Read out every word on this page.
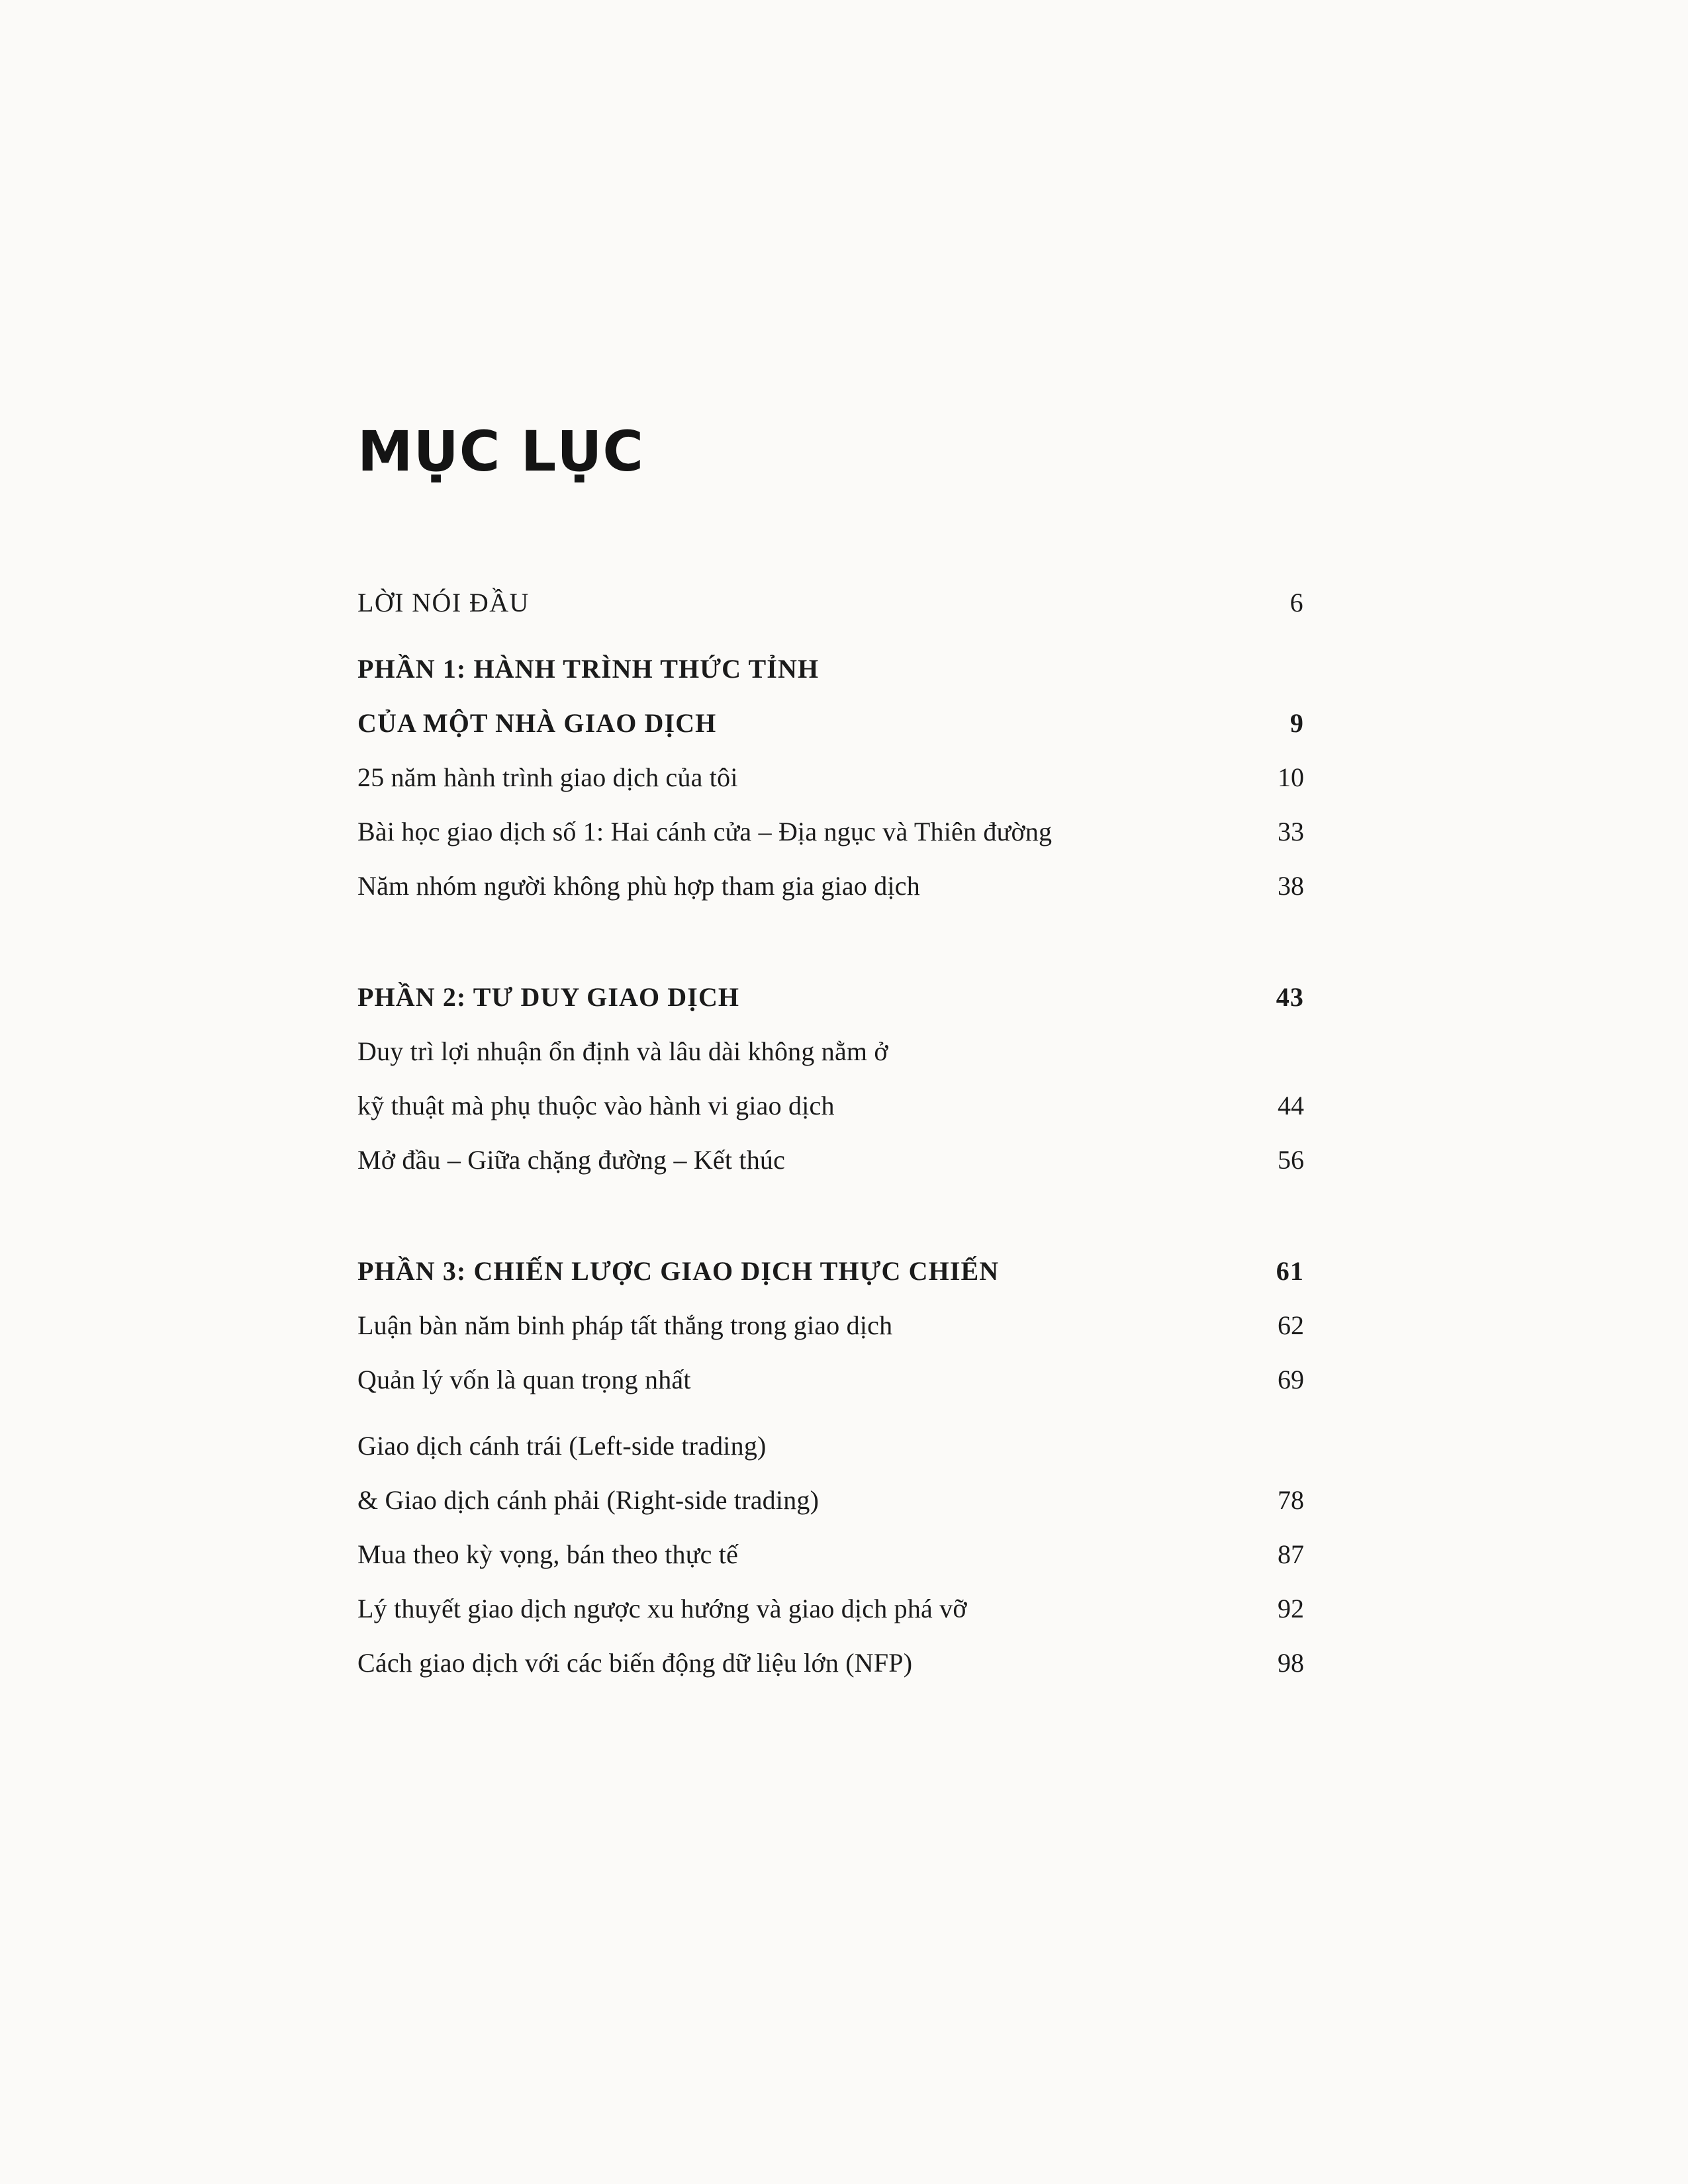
MỤC LỤC
LỜI NÓI ĐẦU	6
PHẦN 1: HÀNH TRÌNH THỨC TỈNH
CỦA MỘT NHÀ GIAO DỊCH	9
25 năm hành trình giao dịch của tôi	10
Bài học giao dịch số 1: Hai cánh cửa – Địa ngục và Thiên đường	33
Năm nhóm người không phù hợp tham gia giao dịch	38
PHẦN 2: TƯ DUY GIAO DỊCH	43
Duy trì lợi nhuận ổn định và lâu dài không nằm ở
kỹ thuật mà phụ thuộc vào hành vi giao dịch	44
Mở đầu – Giữa chặng đường – Kết thúc	56
PHẦN 3: CHIẾN LƯỢC GIAO DỊCH THỰC CHIẾN	61
Luận bàn năm binh pháp tất thắng trong giao dịch	62
Quản lý vốn là quan trọng nhất	69
Giao dịch cánh trái (Left-side trading)
& Giao dịch cánh phải (Right-side trading)	78
Mua theo kỳ vọng, bán theo thực tế	87
Lý thuyết giao dịch ngược xu hướng và giao dịch phá vỡ	92
Cách giao dịch với các biến động dữ liệu lớn (NFP)	98
